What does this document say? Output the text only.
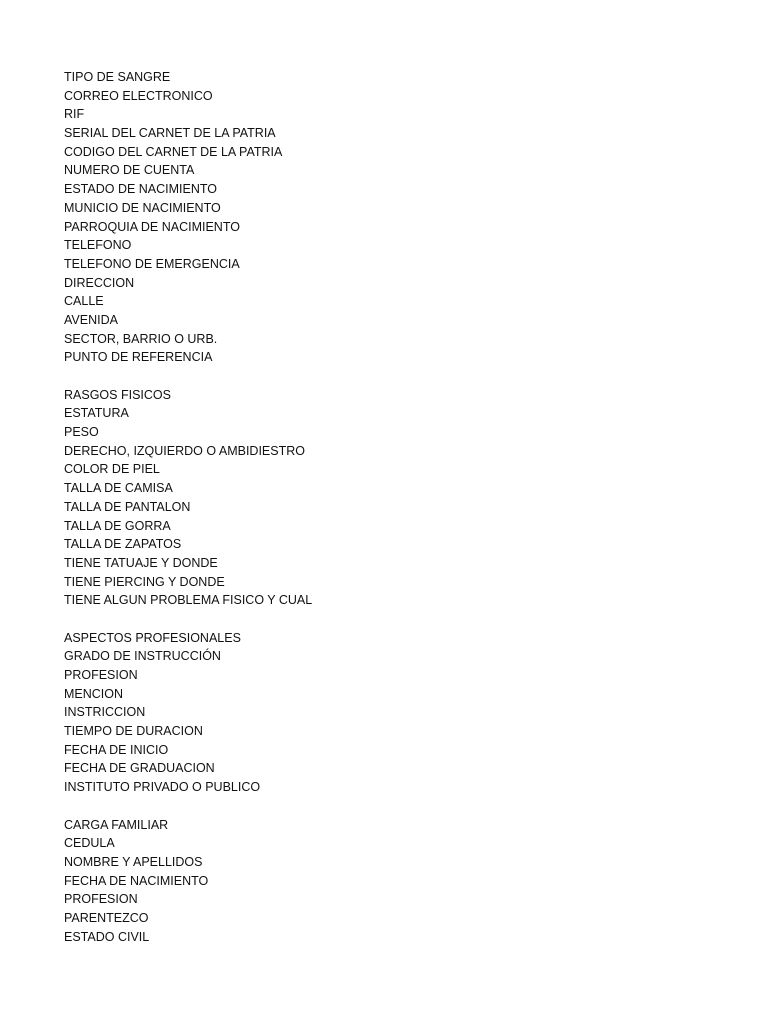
TIPO DE SANGRE
CORREO ELECTRONICO
RIF
SERIAL DEL CARNET DE LA PATRIA
CODIGO DEL CARNET DE LA PATRIA
NUMERO DE CUENTA
ESTADO DE NACIMIENTO
MUNICIO DE NACIMIENTO
PARROQUIA DE NACIMIENTO
TELEFONO
TELEFONO DE EMERGENCIA
DIRECCION
CALLE
AVENIDA
SECTOR, BARRIO O URB.
PUNTO DE REFERENCIA
RASGOS FISICOS
ESTATURA
PESO
DERECHO, IZQUIERDO O AMBIDIESTRO
COLOR DE PIEL
TALLA DE CAMISA
TALLA DE PANTALON
TALLA DE GORRA
TALLA DE ZAPATOS
TIENE TATUAJE Y DONDE
TIENE PIERCING Y DONDE
TIENE ALGUN PROBLEMA FISICO Y CUAL
ASPECTOS PROFESIONALES
GRADO DE INSTRUCCIÓN
PROFESION
MENCION
INSTRICCION
TIEMPO DE DURACION
FECHA DE INICIO
FECHA DE GRADUACION
INSTITUTO PRIVADO O PUBLICO
CARGA FAMILIAR
CEDULA
NOMBRE Y APELLIDOS
FECHA DE NACIMIENTO
PROFESION
PARENTEZCO
ESTADO CIVIL
